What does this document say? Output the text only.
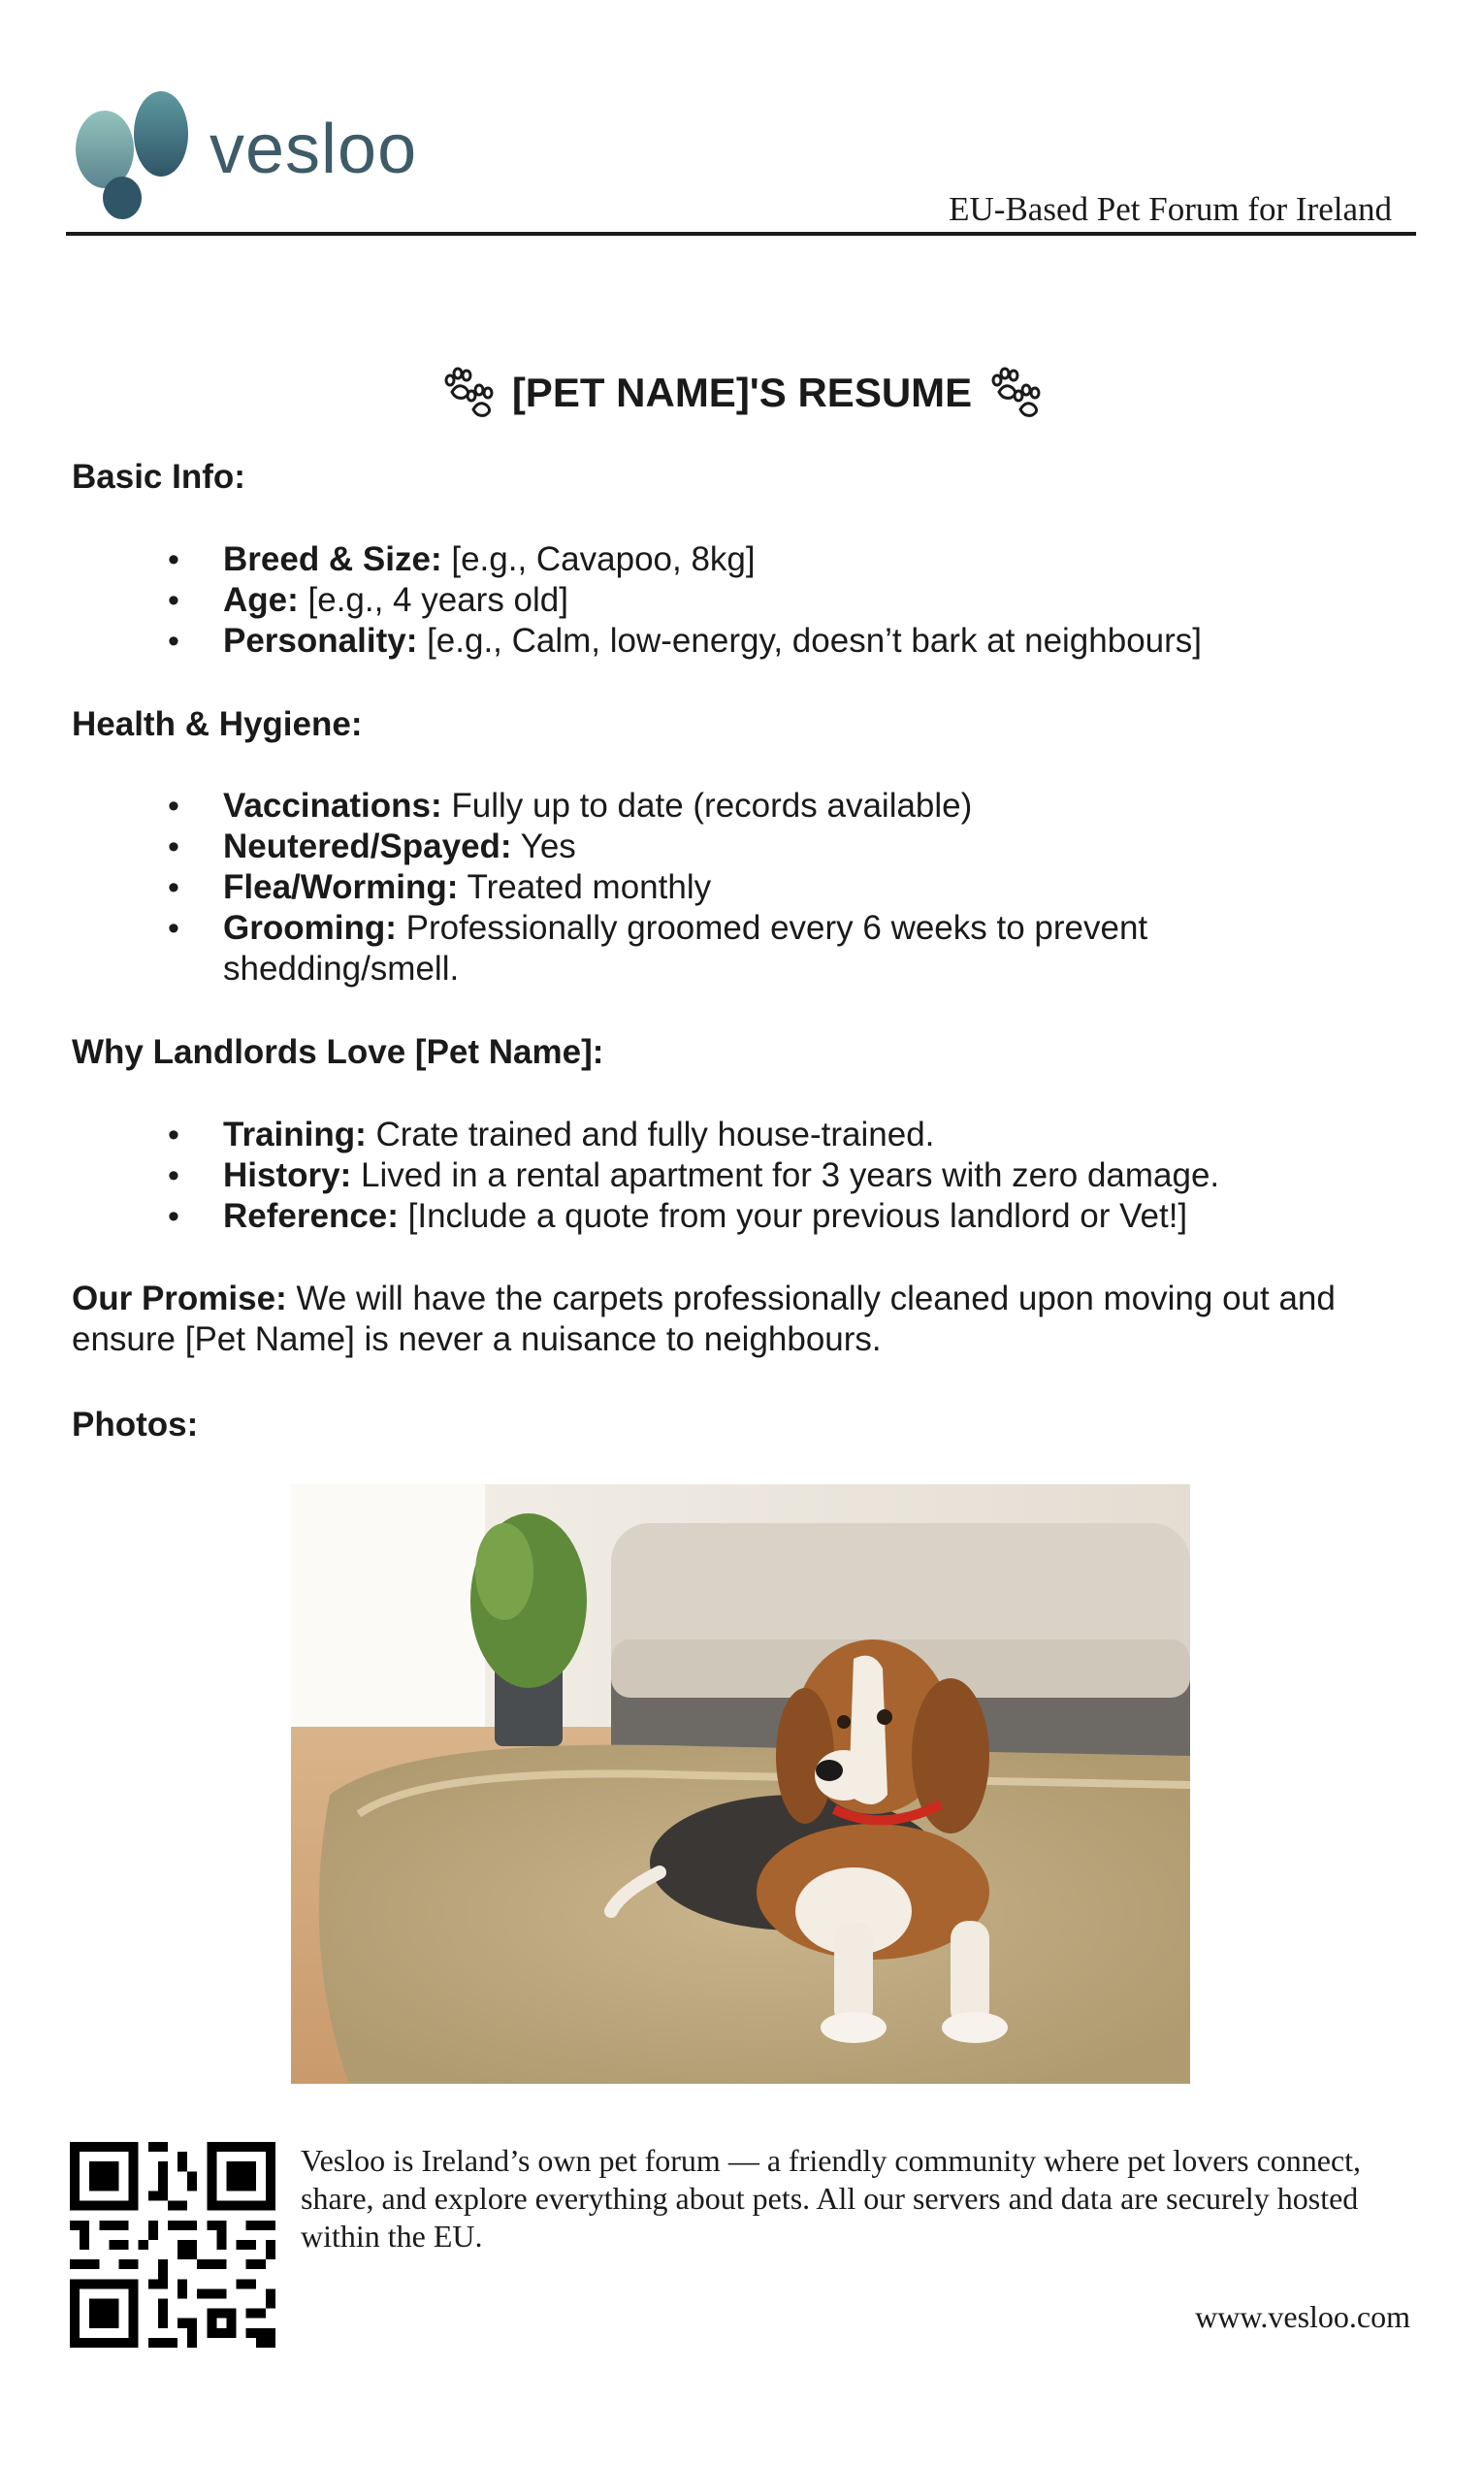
vesloo
EU-Based Pet Forum for Ireland
[PET NAME]'S RESUME
Basic Info:
• Breed & Size: [e.g., Cavapoo, 8kg]
• Age: [e.g., 4 years old]
• Personality: [e.g., Calm, low-energy, doesn’t bark at neighbours]
Health & Hygiene:
• Vaccinations: Fully up to date (records available)
• Neutered/Spayed: Yes
• Flea/Worming: Treated monthly
• Grooming: Professionally groomed every 6 weeks to prevent shedding/smell.
Why Landlords Love [Pet Name]:
• Training: Crate trained and fully house-trained.
• History: Lived in a rental apartment for 3 years with zero damage.
• Reference: [Include a quote from your previous landlord or Vet!]
Our Promise: We will have the carpets professionally cleaned upon moving out and ensure [Pet Name] is never a nuisance to neighbours.
Photos:
Vesloo is Ireland’s own pet forum — a friendly community where pet lovers connect, share, and explore everything about pets. All our servers and data are securely hosted within the EU.
www.vesloo.com
